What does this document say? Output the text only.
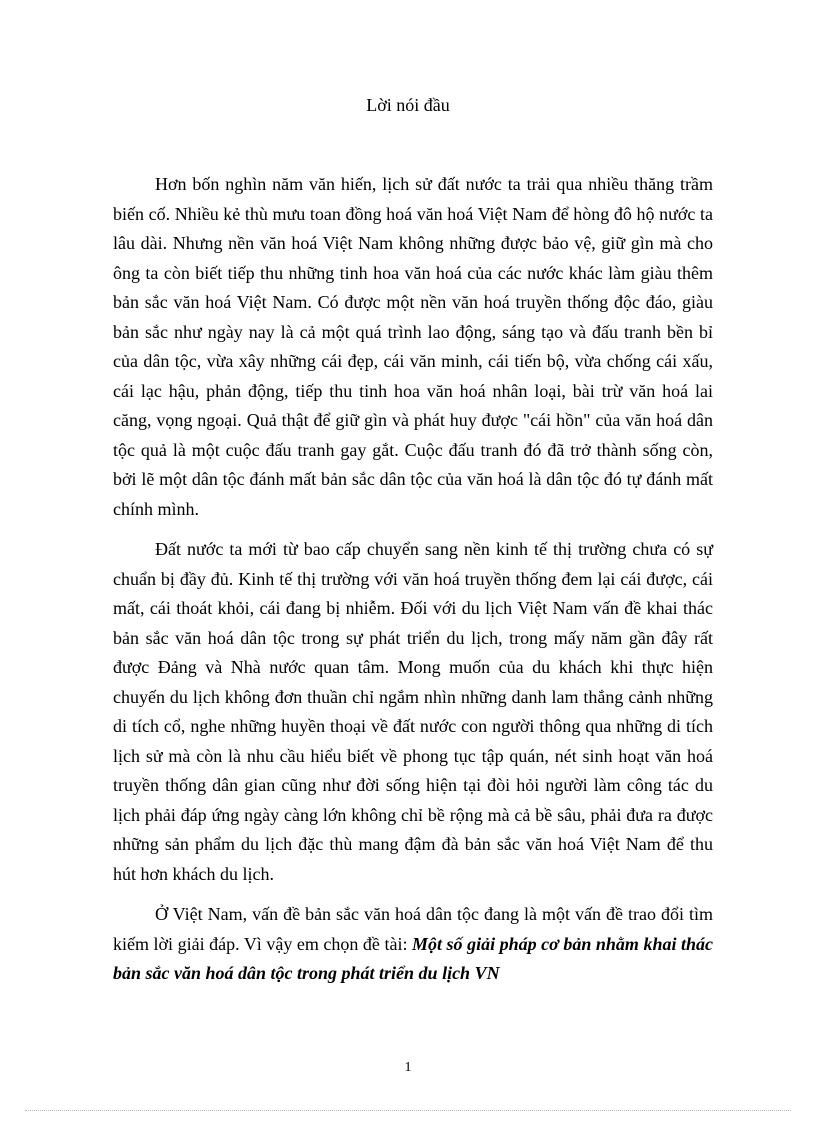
Lời nói đầu

Hơn bốn nghìn năm văn hiến, lịch sử đất nước ta trải qua nhiều thăng trầm biến cố. Nhiều kẻ thù mưu toan đồng hoá văn hoá Việt Nam để hòng đô hộ nước ta lâu dài. Nhưng nền văn hoá Việt Nam không những được bảo vệ, giữ gìn mà cho ông ta còn biết tiếp thu những tinh hoa văn hoá của các nước khác làm giàu thêm bản sắc văn hoá Việt Nam. Có được một nền văn hoá truyền thống độc đáo, giàu bản sắc như ngày nay là cả một quá trình lao động, sáng tạo và đấu tranh bền bỉ của dân tộc, vừa xây những cái đẹp, cái văn minh, cái tiến bộ, vừa chống cái xấu, cái lạc hậu, phản động, tiếp thu tinh hoa văn hoá nhân loại, bài trừ văn hoá lai căng, vọng ngoại. Quả thật để giữ gìn và phát huy được "cái hồn" của văn hoá dân tộc quả là một cuộc đấu tranh gay gắt. Cuộc đấu tranh đó đã trở thành sống còn, bởi lẽ một dân tộc đánh mất bản sắc dân tộc của văn hoá là dân tộc đó tự đánh mất chính mình.

Đất nước ta mới từ bao cấp chuyển sang nền kinh tế thị trường chưa có sự chuẩn bị đầy đủ. Kinh tế thị trường với văn hoá truyền thống đem lại cái được, cái mất, cái thoát khỏi, cái đang bị nhiễm. Đối với du lịch Việt Nam vấn đề khai thác bản sắc văn hoá dân tộc trong sự phát triển du lịch, trong mấy năm gần đây rất được Đảng và Nhà nước quan tâm. Mong muốn của du khách khi thực hiện chuyến du lịch không đơn thuần chỉ ngắm nhìn những danh lam thắng cảnh những di tích cổ, nghe những huyền thoại về đất nước con người thông qua những di tích lịch sử mà còn là nhu cầu hiểu biết về phong tục tập quán, nét sinh hoạt văn hoá truyền thống dân gian cũng như đời sống hiện tại đòi hỏi người làm công tác du lịch phải đáp ứng ngày càng lớn không chỉ bề rộng mà cả bề sâu, phải đưa ra được những sản phẩm du lịch đặc thù mang đậm đà bản sắc văn hoá Việt Nam để thu hút hơn khách du lịch.

Ở Việt Nam, vấn đề bản sắc văn hoá dân tộc đang là một vấn đề trao đổi tìm kiếm lời giải đáp. Vì vậy em chọn đề tài: Một số giải pháp cơ bản nhằm khai thác bản sắc văn hoá dân tộc trong phát triển du lịch VN

1
